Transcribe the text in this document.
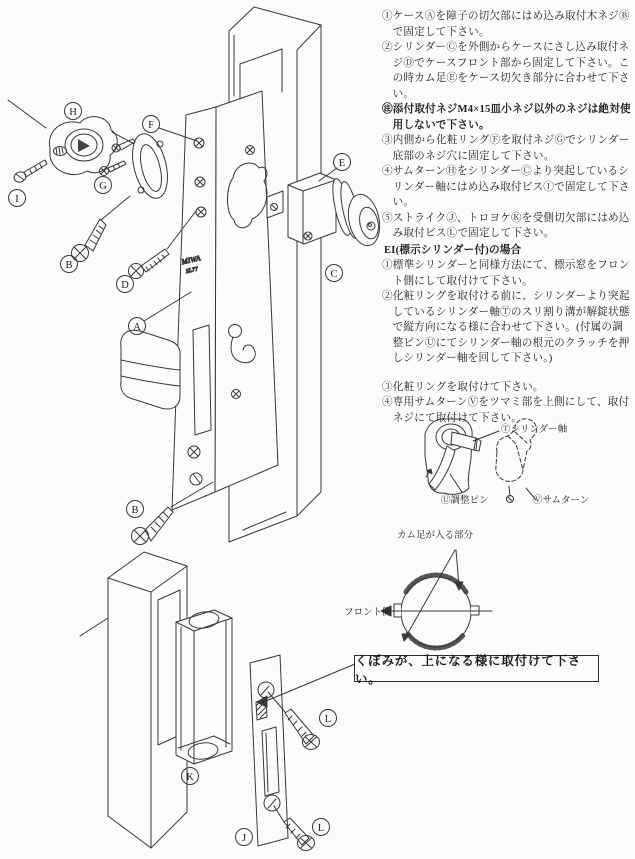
MIWA
SL77
H
F
G
I
B
D
E
C
A
B
K
J
L
L
Ⓣシリンダー軸
Ⓤ調整ピン	Ⓥサムターン
カム足が入る部分
フロント側

①ケースⒶを障子の切欠部にはめ込み取付木ネジⒷで固定して下さい。

②シリンダーⒸを外側からケースにさし込み取付ネジⒹでケースフロント部から固定して下さい。この時カム足Ⓔをケース切欠き部分に合わせて下さい。

㊟添付取付ネジM4×15皿小ネジ以外のネジは絶対使用しないで下さい。

③内側から化粧リングⒻを取付ネジⒼでシリンダー底部のネジ穴に固定して下さい。

④サムターンⒽをシリンダーⒸより突起しているシリンダー軸にはめ込み取付ビスⒾで固定して下さい。

⑤ストライクⒿ、トロヨケⓀを受側切欠部にはめ込み取付ビスⓁで固定して下さい。

EI(標示シリンダー付)の場合

①標準シリンダーと同様方法にて、標示窓をフロント側にして取付けて下さい。

②化粧リングを取付ける前に、シリンダーより突起しているシリンダー軸Ⓣのスリ割り溝が解錠状態で縦方向になる様に合わせて下さい。(付属の調整ピンⓊにてシリンダー軸の根元のクラッチを押しシリンダー軸を回して下さい。)

③化粧リングを取付けて下さい。

④専用サムターンⓋをツマミ部を上側にして、取付ネジにて取付けて下さい。

くぼみが、上になる様に取付けて下さい。
